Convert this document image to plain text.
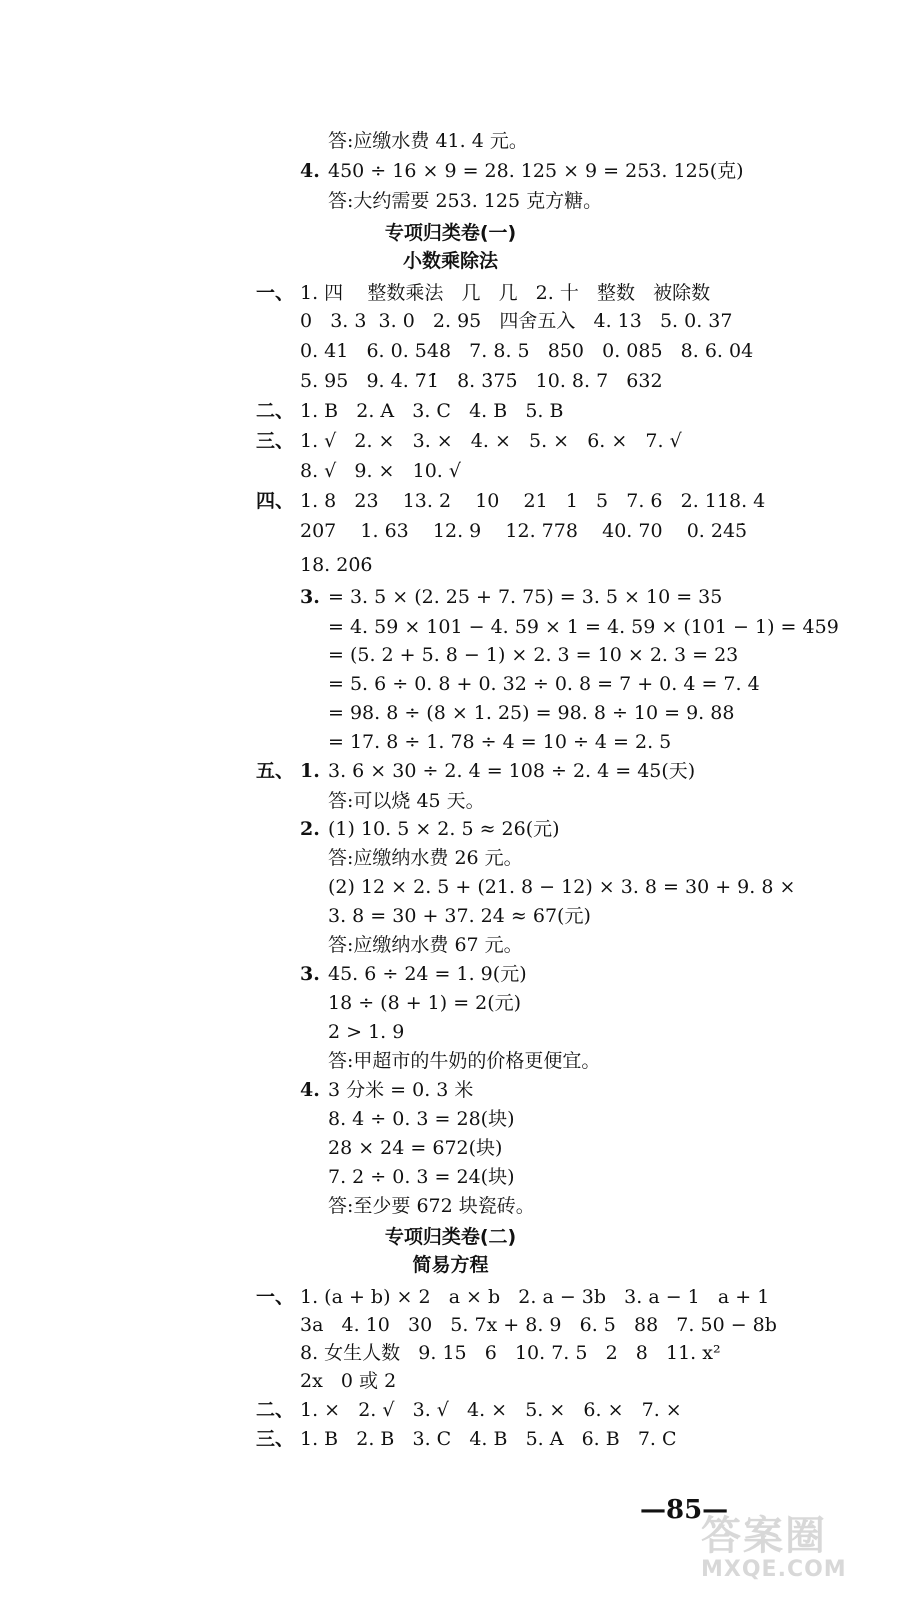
答:应缴水费 41. 4 元。
4. 450 ÷ 16 × 9 = 28. 125 × 9 = 253. 125(克)
答:大约需要 253. 125 克方糖。
专项归类卷(一)
小数乘除法
一、 1. 四    整数乘法   几   几   2. 十   整数   被除数
0   3. 3  3. 0   2. 95   四舍五入   4. 13   5. 0. 37
0. 41   6. 0. 548   7. 8. 5   850   0. 085   8. 6. 04
5. 95   9. 4. 7̇1̇   8. 3̇75̇   10. 8. 7   632
二、 1. B   2. A   3. C   4. B   5. B
三、 1. √   2. ×   3. ×   4. ×   5. ×   6. ×   7. √
8. √   9. ×   10. √
四、 1. 8   23    13. 2    10    21   1   5   7. 6   2. 118. 4
207    1. 63    12. 9    12. 778    40. 70    0. 24̇5̇
18. 20̇6̇
3. = 3. 5 × (2. 25 + 7. 75) = 3. 5 × 10 = 35
= 4. 59 × 101 − 4. 59 × 1 = 4. 59 × (101 − 1) = 459
= (5. 2 + 5. 8 − 1) × 2. 3 = 10 × 2. 3 = 23
= 5. 6 ÷ 0. 8 + 0. 32 ÷ 0. 8 = 7 + 0. 4 = 7. 4
= 98. 8 ÷ (8 × 1. 25) = 98. 8 ÷ 10 = 9. 88
= 17. 8 ÷ 1. 78 ÷ 4 = 10 ÷ 4 = 2. 5
五、 1. 3. 6 × 30 ÷ 2. 4 = 108 ÷ 2. 4 = 45(天)
答:可以烧 45 天。
2. (1) 10. 5 × 2. 5 ≈ 26(元)
答:应缴纳水费 26 元。
(2) 12 × 2. 5 + (21. 8 − 12) × 3. 8 = 30 + 9. 8 ×
3. 8 = 30 + 37. 24 ≈ 67(元)
答:应缴纳水费 67 元。
3. 45. 6 ÷ 24 = 1. 9(元)
18 ÷ (8 + 1) = 2(元)
2 > 1. 9
答:甲超市的牛奶的价格更便宜。
4. 3 分米 = 0. 3 米
8. 4 ÷ 0. 3 = 28(块)
28 × 24 = 672(块)
7. 2 ÷ 0. 3 = 24(块)
答:至少要 672 块瓷砖。
专项归类卷(二)
简易方程
一、 1. (a + b) × 2   a × b   2. a − 3b   3. a − 1   a + 1
3a   4. 10   30   5. 7x + 8. 9   6. 5   88   7. 50 − 8b
8. 女生人数   9. 15   6   10. 7. 5   2   8   11. x²
2x   0 或 2
二、 1. ×   2. √   3. √   4. ×   5. ×   6. ×   7. ×
三、 1. B   2. B   3. C   4. B   5. A   6. B   7. C
—85—
答案圈
MXQE.COM
